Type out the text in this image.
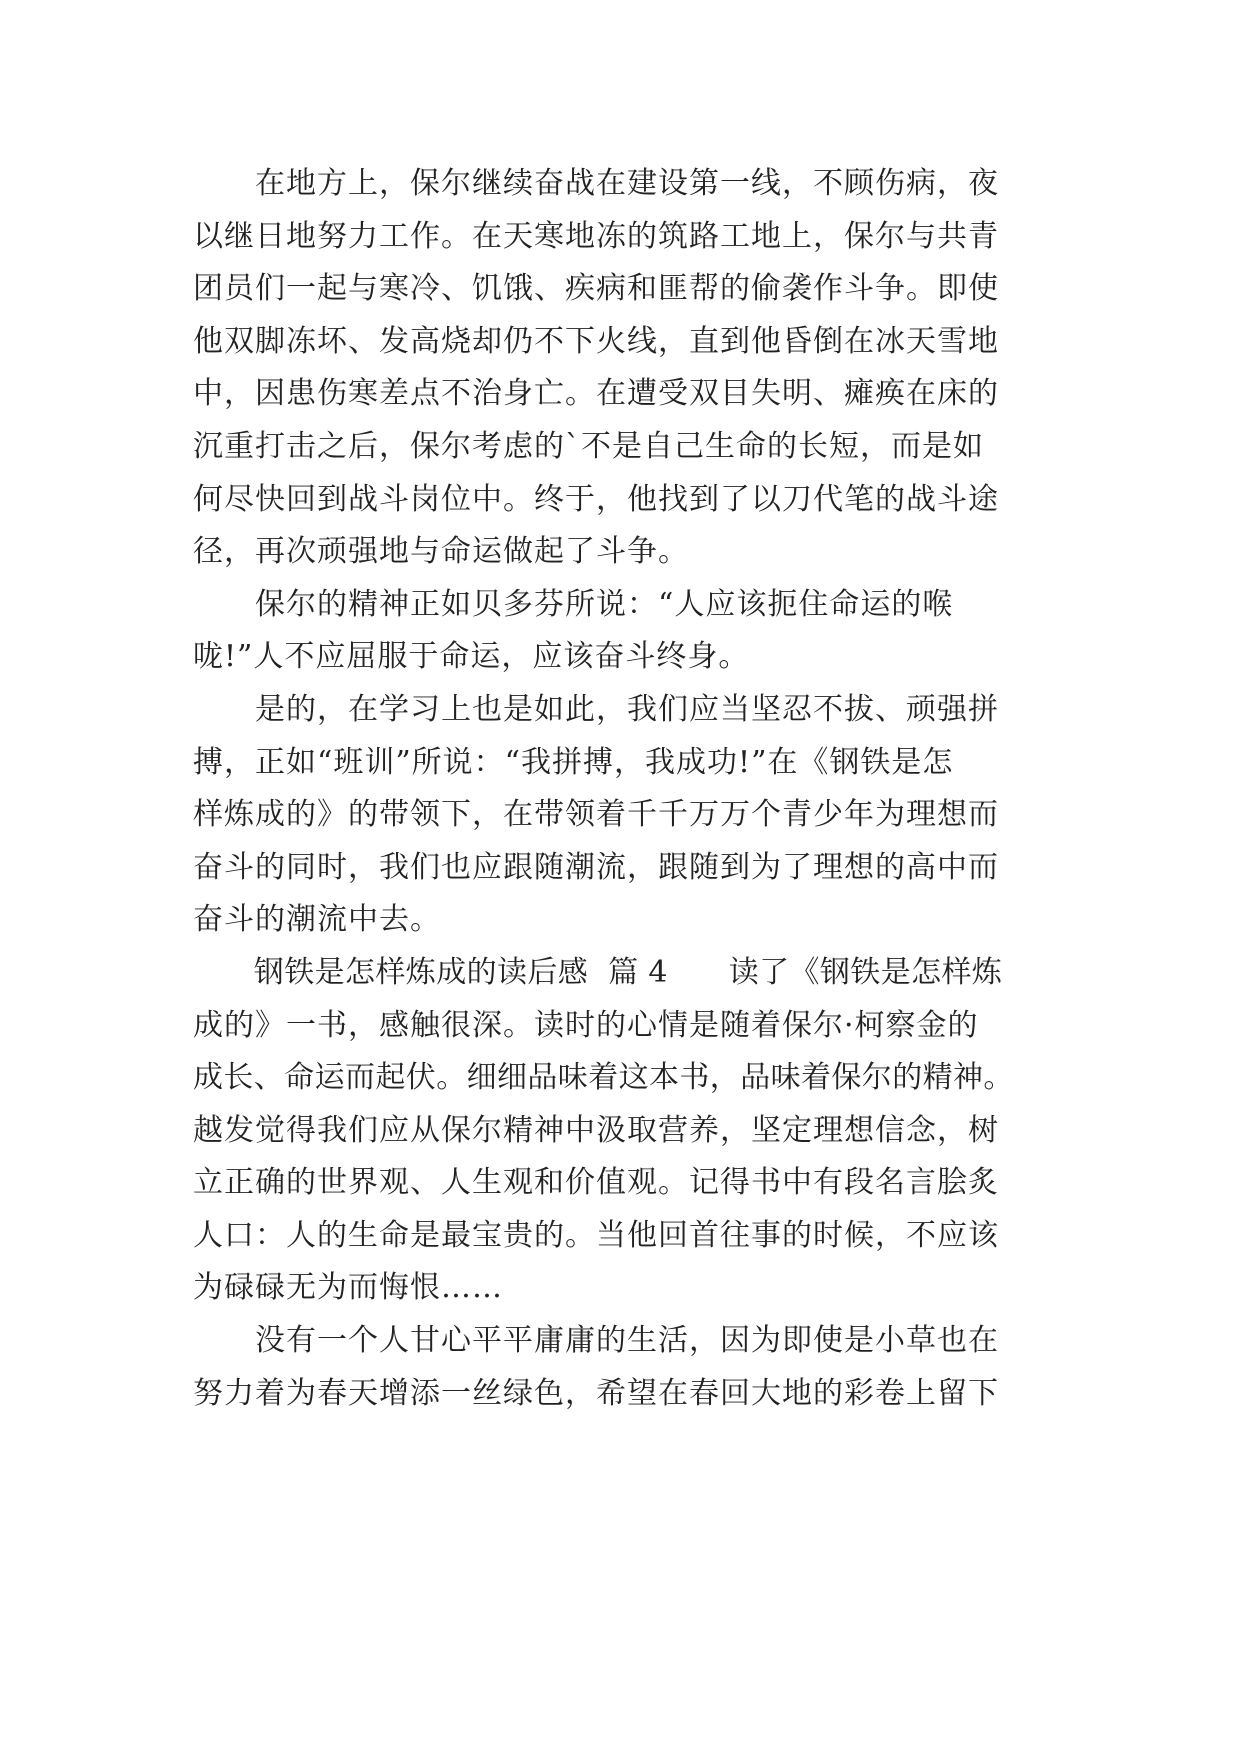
　　在地方上，保尔继续奋战在建设第一线，不顾伤病，夜
以继日地努力工作。在天寒地冻的筑路工地上，保尔与共青
团员们一起与寒冷、饥饿、疾病和匪帮的偷袭作斗争。即使
他双脚冻坏、发高烧却仍不下火线，直到他昏倒在冰天雪地
中，因患伤寒差点不治身亡。在遭受双目失明、瘫痪在床的
沉重打击之后，保尔考虑的`不是自己生命的长短，而是如
何尽快回到战斗岗位中。终于，他找到了以刀代笔的战斗途
径，再次顽强地与命运做起了斗争。
　　保尔的精神正如贝多芬所说：“人应该扼住命运的喉
咙!”人不应屈服于命运，应该奋斗终身。
　　是的，在学习上也是如此，我们应当坚忍不拔、顽强拼
搏，正如“班训”所说：“我拼搏，我成功!”在《钢铁是怎
样炼成的》的带领下，在带领着千千万万个青少年为理想而
奋斗的同时，我们也应跟随潮流，跟随到为了理想的高中而
奋斗的潮流中去。
　　钢铁是怎样炼成的读后感  篇 4　　读了《钢铁是怎样炼
成的》一书，感触很深。读时的心情是随着保尔·柯察金的
成长、命运而起伏。细细品味着这本书，品味着保尔的精神。
越发觉得我们应从保尔精神中汲取营养，坚定理想信念，树
立正确的世界观、人生观和价值观。记得书中有段名言脍炙
人口：人的生命是最宝贵的。当他回首往事的时候，不应该
为碌碌无为而悔恨……
　　没有一个人甘心平平庸庸的生活，因为即使是小草也在
努力着为春天增添一丝绿色，希望在春回大地的彩卷上留下
